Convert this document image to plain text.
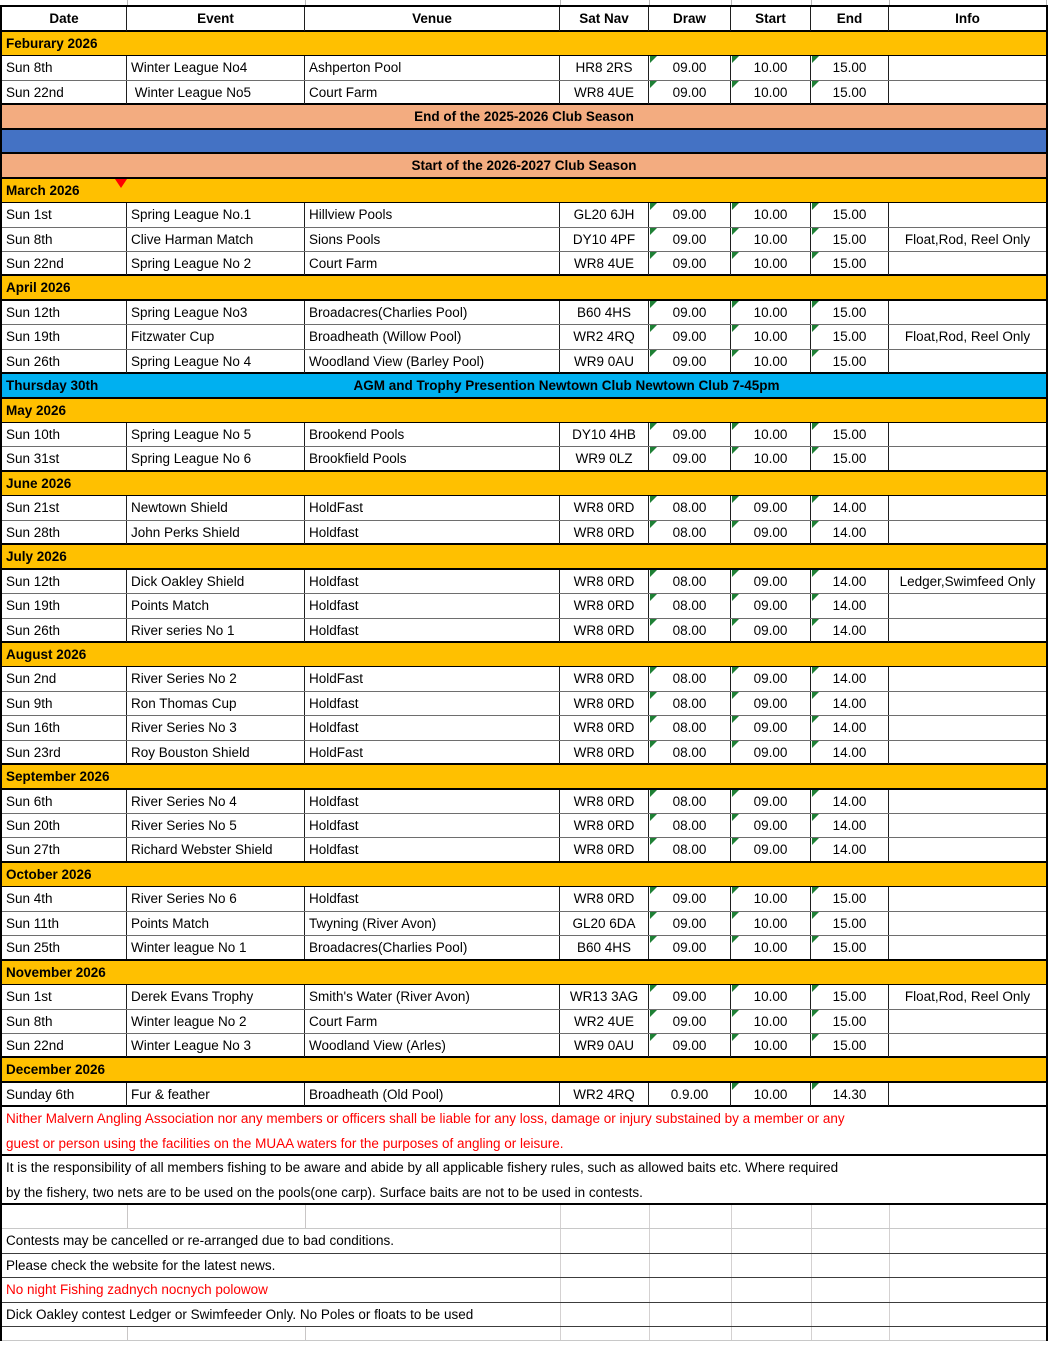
Date	Event	Venue	Sat Nav	Draw	Start	End	Info
Feburary 2026
Sun 8th	Winter League No4	Ashperton Pool	HR8 2RS	09.00	10.00	15.00
Sun 22nd	Winter League No5	Court Farm	WR8 4UE	09.00	10.00	15.00
End of the 2025-2026 Club Season
Start of the 2026-2027 Club Season
March 2026
Sun 1st	Spring League No.1	Hillview Pools	GL20 6JH	09.00	10.00	15.00
Sun 8th	Clive Harman Match	Sions Pools	DY10 4PF	09.00	10.00	15.00	Float,Rod, Reel Only
Sun 22nd	Spring League No 2	Court Farm	WR8 4UE	09.00	10.00	15.00
April 2026
Sun 12th	Spring League No3	Broadacres(Charlies Pool)	B60 4HS	09.00	10.00	15.00
Sun 19th	Fitzwater Cup	Broadheath (Willow Pool)	WR2 4RQ	09.00	10.00	15.00	Float,Rod, Reel Only
Sun 26th	Spring League No 4	Woodland View (Barley Pool)	WR9 0AU	09.00	10.00	15.00
Thursday 30th	AGM and Trophy Presention Newtown Club Newtown Club 7-45pm
May 2026
Sun 10th	Spring League No 5	Brookend Pools	DY10 4HB	09.00	10.00	15.00
Sun 31st	Spring League No 6	Brookfield Pools	WR9 0LZ	09.00	10.00	15.00
June 2026
Sun 21st	Newtown Shield	HoldFast	WR8 0RD	08.00	09.00	14.00
Sun 28th	John Perks Shield	Holdfast	WR8 0RD	08.00	09.00	14.00
July 2026
Sun 12th	Dick Oakley Shield	Holdfast	WR8 0RD	08.00	09.00	14.00	Ledger,Swimfeed Only
Sun 19th	Points Match	Holdfast	WR8 0RD	08.00	09.00	14.00
Sun 26th	River series No 1	Holdfast	WR8 0RD	08.00	09.00	14.00
August 2026
Sun 2nd	River Series No 2	HoldFast	WR8 0RD	08.00	09.00	14.00
Sun 9th	Ron Thomas Cup	Holdfast	WR8 0RD	08.00	09.00	14.00
Sun 16th	River Series No 3	Holdfast	WR8 0RD	08.00	09.00	14.00
Sun 23rd	Roy Bouston Shield	HoldFast	WR8 0RD	08.00	09.00	14.00
September 2026
Sun 6th	River Series No 4	Holdfast	WR8 0RD	08.00	09.00	14.00
Sun 20th	River Series No 5	Holdfast	WR8 0RD	08.00	09.00	14.00
Sun 27th	Richard Webster Shield	Holdfast	WR8 0RD	08.00	09.00	14.00
October 2026
Sun 4th	River Series No 6	Holdfast	WR8 0RD	09.00	10.00	15.00
Sun 11th	Points Match	Twyning (River Avon)	GL20 6DA	09.00	10.00	15.00
Sun 25th	Winter league No 1	Broadacres(Charlies Pool)	B60 4HS	09.00	10.00	15.00
November 2026
Sun 1st	Derek Evans Trophy	Smith's Water (River Avon)	WR13 3AG	09.00	10.00	15.00	Float,Rod, Reel Only
Sun 8th	Winter league No 2	Court Farm	WR2 4UE	09.00	10.00	15.00
Sun 22nd	Winter League No 3	Woodland View (Arles)	WR9 0AU	09.00	10.00	15.00
December 2026
Sunday 6th	Fur & feather	Broadheath (Old Pool)	WR2 4RQ	0.9.00	10.00	14.30
Nither Malvern Angling Association nor any members or officers shall be liable for any loss, damage or injury substained by a member or any
guest or person using the facilities on the MUAA waters for the purposes of angling or leisure.
It is the responsibility of all members fishing to be aware and abide by all applicable fishery rules, such as allowed baits etc. Where required
by the fishery, two nets are to be used on the pools(one carp). Surface baits are not to be used in contests.
Contests may be cancelled or re-arranged due to bad conditions.
Please check the website for the latest news.
No night Fishing zadnych nocnych polowow
Dick Oakley contest Ledger or Swimfeeder Only. No Poles or floats to be used
